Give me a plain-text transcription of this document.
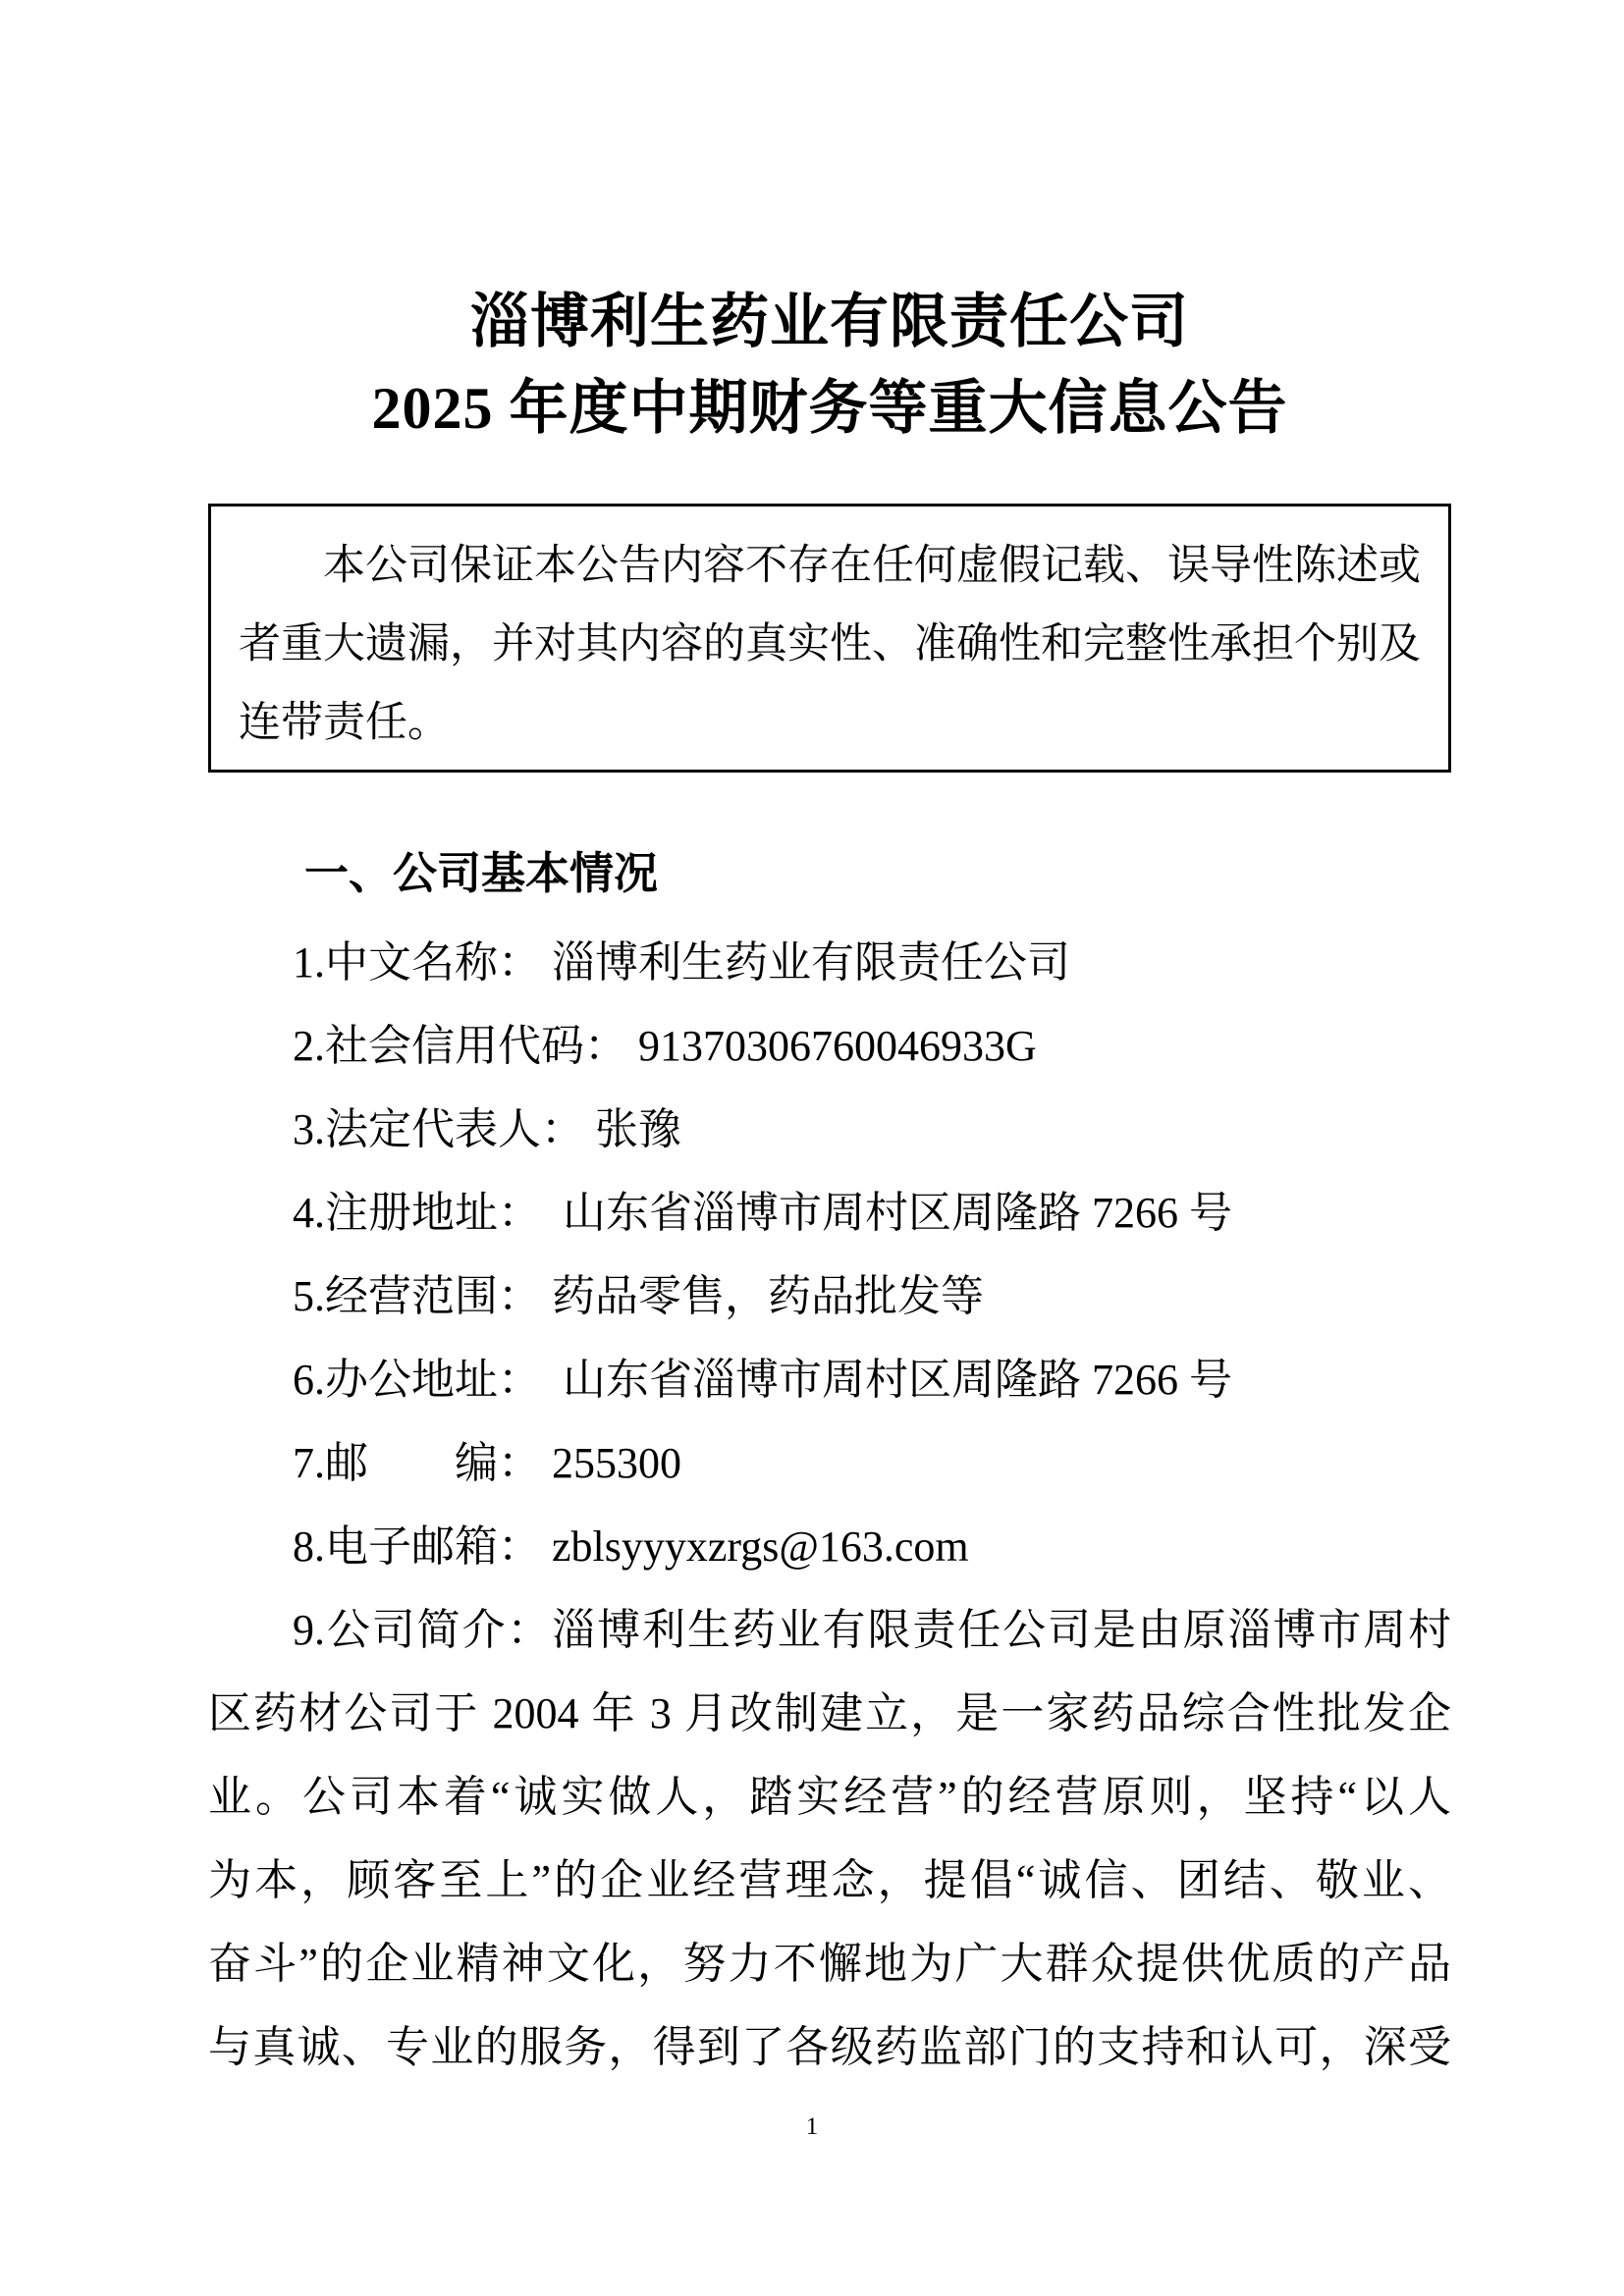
淄博利生药业有限责任公司
2025 年度中期财务等重大信息公告
本公司保证本公告内容不存在任何虚假记载、误导性陈述或
者重大遗漏，并对其内容的真实性、准确性和完整性承担个别及
连带责任。
一、公司基本情况
1.中文名称： 淄博利生药业有限责任公司
2.社会信用代码： 91370306760046933G
3.法定代表人： 张豫
4.注册地址：　山东省淄博市周村区周隆路 7266 号
5.经营范围： 药品零售，药品批发等
6.办公地址：　山东省淄博市周村区周隆路 7266 号
7.邮　　编： 255300
8.电子邮箱： zblsyyyxzrgs@163.com
9.公司简介：淄博利生药业有限责任公司是由原淄博市周村
区药材公司于 2004 年 3 月改制建立，是一家药品综合性批发企
业。公司本着“诚实做人，踏实经营”的经营原则，坚持“以人
为本，顾客至上”的企业经营理念，提倡“诚信、团结、敬业、
奋斗”的企业精神文化，努力不懈地为广大群众提供优质的产品
与真诚、专业的服务，得到了各级药监部门的支持和认可，深受
1
